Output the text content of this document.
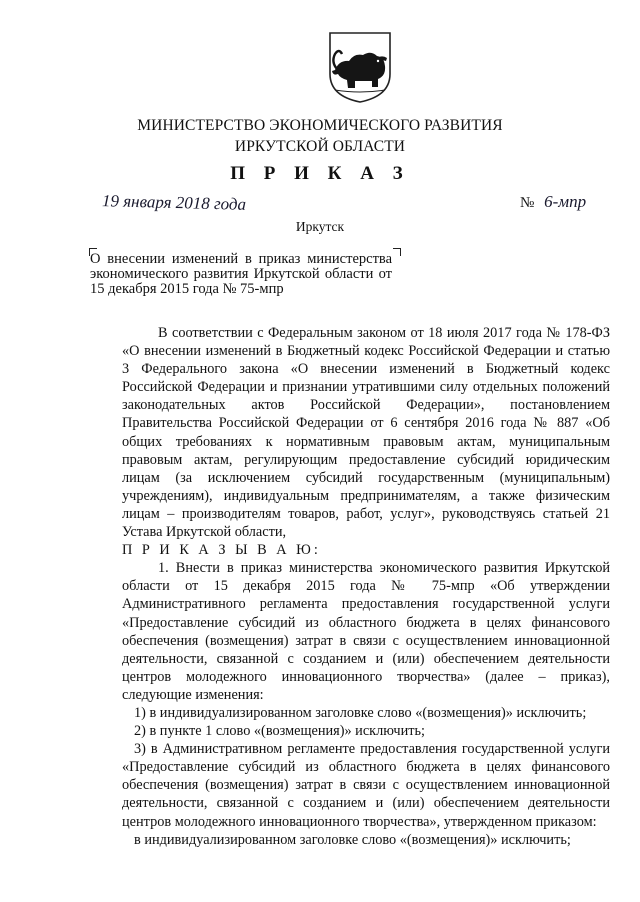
МИНИСТЕРСТВО ЭКОНОМИЧЕСКОГО РАЗВИТИЯ
ИРКУТСКОЙ ОБЛАСТИ
П Р И К А З
19 января 2018 года	№ 6-мпр
Иркутск
О внесении изменений в приказ министерства экономического развития Иркутской области от 15 декабря 2015 года № 75-мпр

В соответствии с Федеральным законом от 18 июля 2017 года № 178-ФЗ «О внесении изменений в Бюджетный кодекс Российской Федерации и статью 3 Федерального закона «О внесении изменений в Бюджетный кодекс Российской Федерации и признании утратившими силу отдельных положений законодательных актов Российской Федерации», постановлением Правительства Российской Федерации от 6 сентября 2016 года № 887 «Об общих требованиях к нормативным правовым актам, муниципальным правовым актам, регулирующим предоставление субсидий юридическим лицам (за исключением субсидий государственным (муниципальным) учреждениям), индивидуальным предпринимателям, а также физическим лицам – производителям товаров, работ, услуг», руководствуясь статьей 21 Устава Иркутской области,

П Р И К А З Ы В А Ю:

1. Внести в приказ министерства экономического развития Иркутской области от 15 декабря 2015 года № 75-мпр «Об утверждении Административного регламента предоставления государственной услуги «Предоставление субсидий из областного бюджета в целях финансового обеспечения (возмещения) затрат в связи с осуществлением инновационной деятельности, связанной с созданием и (или) обеспечением деятельности центров молодежного инновационного творчества» (далее – приказ), следующие изменения:

1) в индивидуализированном заголовке слово «(возмещения)» исключить;

2) в пункте 1 слово «(возмещения)» исключить;

3) в Административном регламенте предоставления государственной услуги «Предоставление субсидий из областного бюджета в целях финансового обеспечения (возмещения) затрат в связи с осуществлением инновационной деятельности, связанной с созданием и (или) обеспечением деятельности центров молодежного инновационного творчества», утвержденном приказом:

в индивидуализированном заголовке слово «(возмещения)» исключить;
